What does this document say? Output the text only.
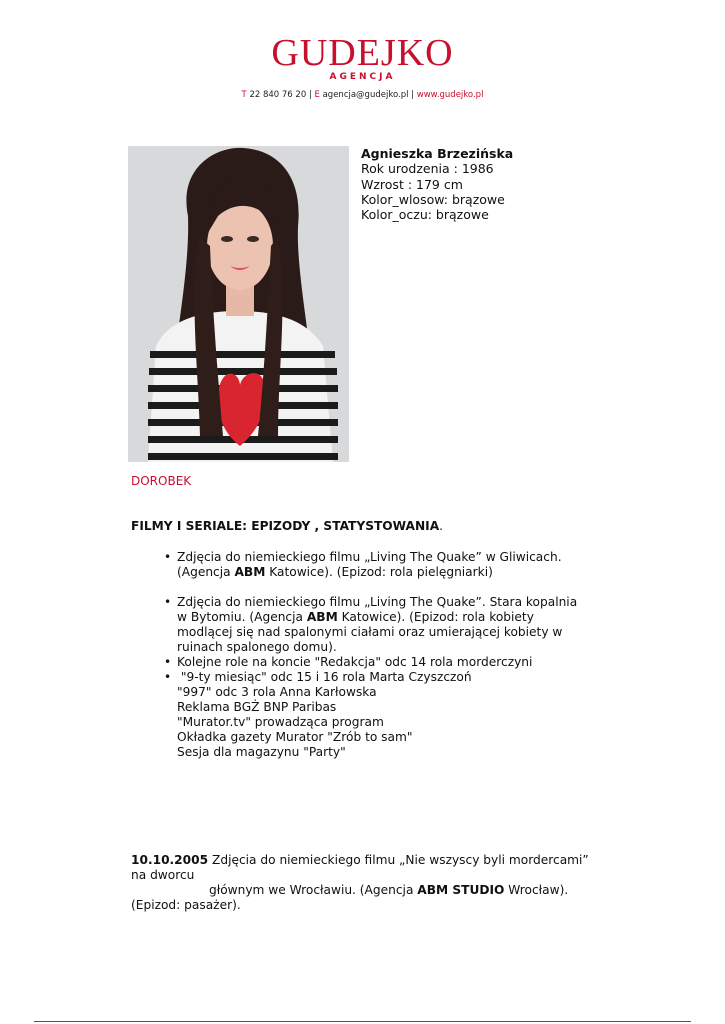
GUDEJKO
AGENCJA
T 22 840 76 20 | E agencja@gudejko.pl | www.gudejko.pl
Agnieszka Brzezińska
Rok urodzenia : 1986
Wzrost : 179 cm
Kolor_wlosow: brązowe
Kolor_oczu: brązowe
DOROBEK
FILMY I SERIALE: EPIZODY , STATYSTOWANIA.
• Zdjęcia do niemieckiego filmu „Living The Quake” w Gliwicach.
(Agencja ABM Katowice). (Epizod: rola pielęgniarki)
• Zdjęcia do niemieckiego filmu „Living The Quake”. Stara kopalnia
w Bytomiu. (Agencja ABM Katowice). (Epizod: rola kobiety
modlącej się nad spalonymi ciałami oraz umierającej kobiety w
ruinach spalonego domu).
• Kolejne role na koncie "Redakcja" odc 14 rola morderczyni
• "9-ty miesiąc" odc 15 i 16 rola Marta Czyszczoń
"997" odc 3 rola Anna Karłowska
Reklama BGŻ BNP Paribas
"Murator.tv" prowadząca program
Okładka gazety Murator "Zrób to sam"
Sesja dla magazynu "Party"
10.10.2005 Zdjęcia do niemieckiego filmu „Nie wszyscy byli mordercami”
na dworcu
głównym we Wrocławiu. (Agencja ABM STUDIO Wrocław).
(Epizod: pasażer).
